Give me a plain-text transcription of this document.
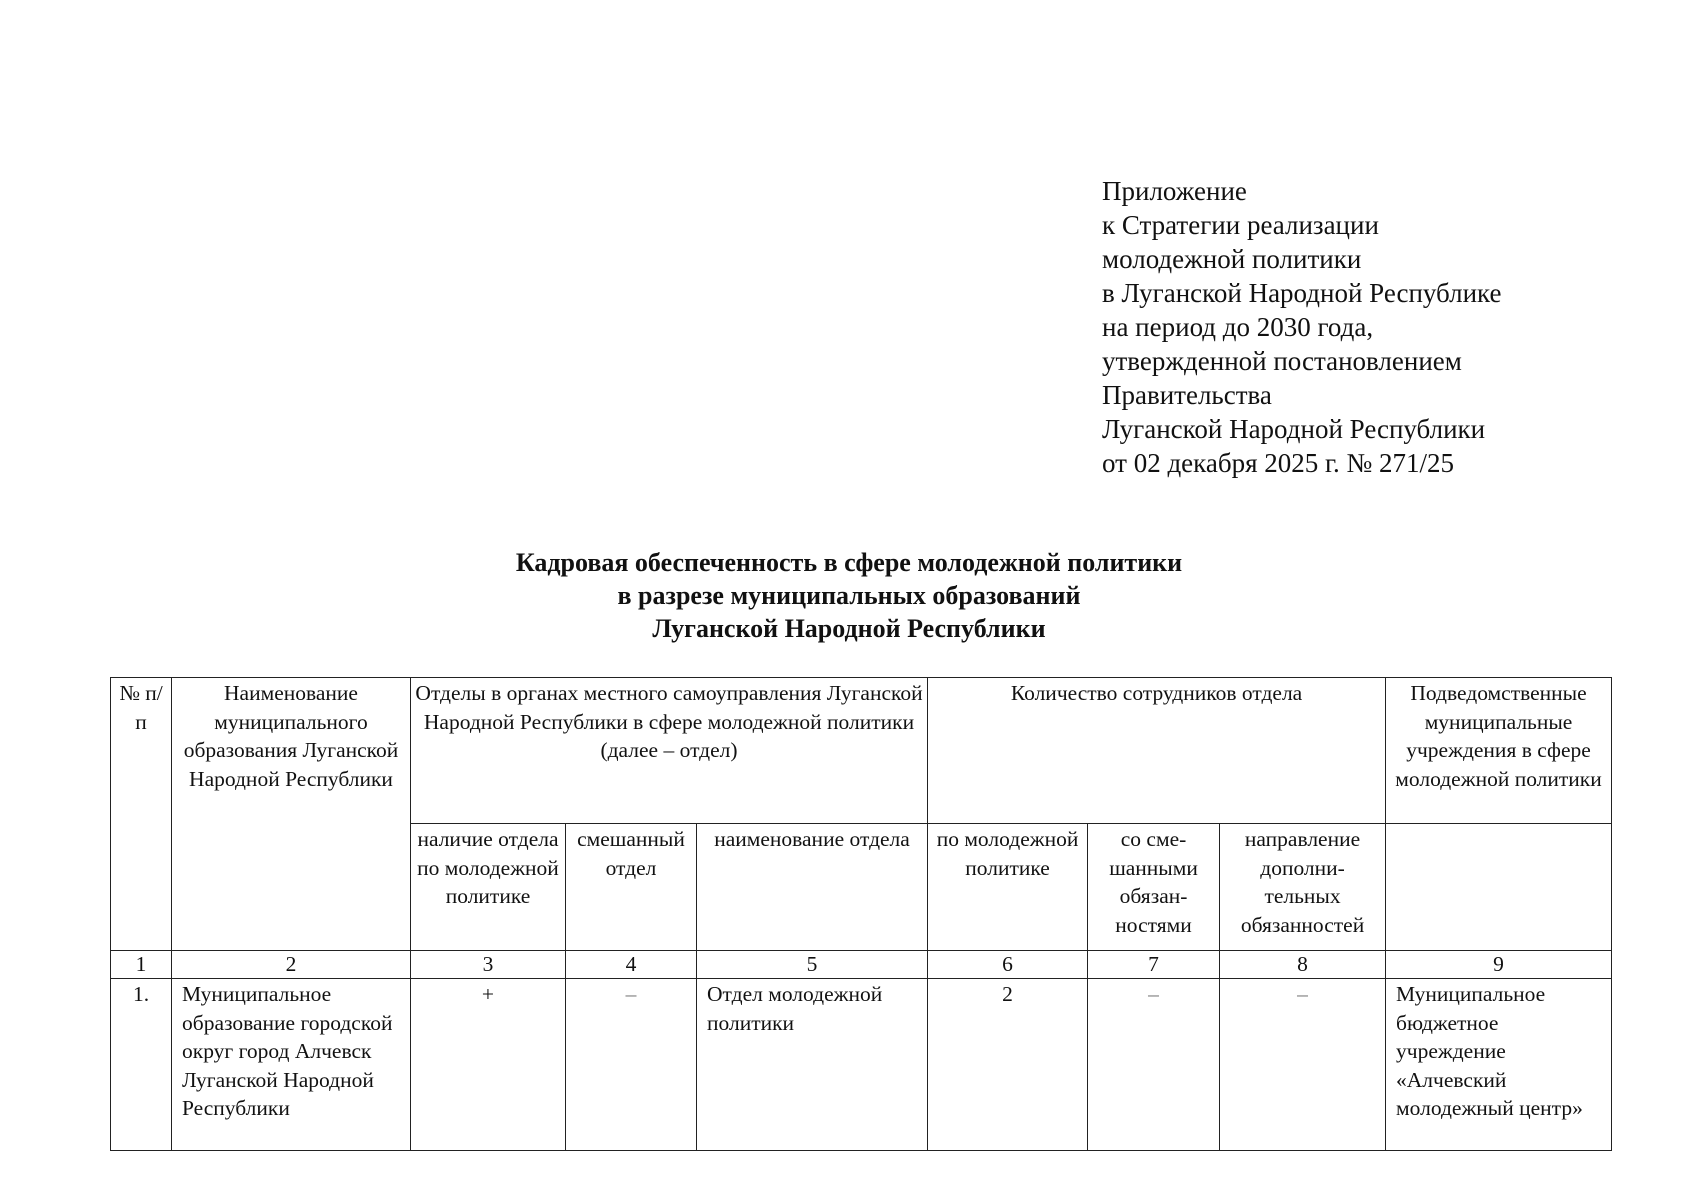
Приложение
к Стратегии реализации
молодежной политики
в Луганской Народной Республике
на период до 2030 года,
утвержденной постановлением
Правительства
Луганской Народной Республики
от 02 декабря 2025 г. № 271/25
Кадровая обеспеченность в сфере молодежной политики
в разрезе муниципальных образований
Луганской Народной Республики
№ п/п	Наименование муниципального образования Луганской Народной Республики	Отделы в органах местного самоуправления Луганской Народной Республики в сфере молодежной политики (далее – отдел)			Количество сотрудников отдела			Подведомственные муниципальные учреждения в сфере молодежной политики
		наличие отдела по молодежной политике	смешанный отдел	наименование отдела	по молодежной политике	со сме-шанными обязан-ностями	направление дополни-тельных обязанностей	
1	2	3	4	5	6	7	8	9
1.	Муниципальное образование городской округ город Алчевск Луганской Народной Республики	+	–	Отдел молодежной политики	2	–	–	Муниципальное бюджетное учреждение «Алчевский молодежный центр»
